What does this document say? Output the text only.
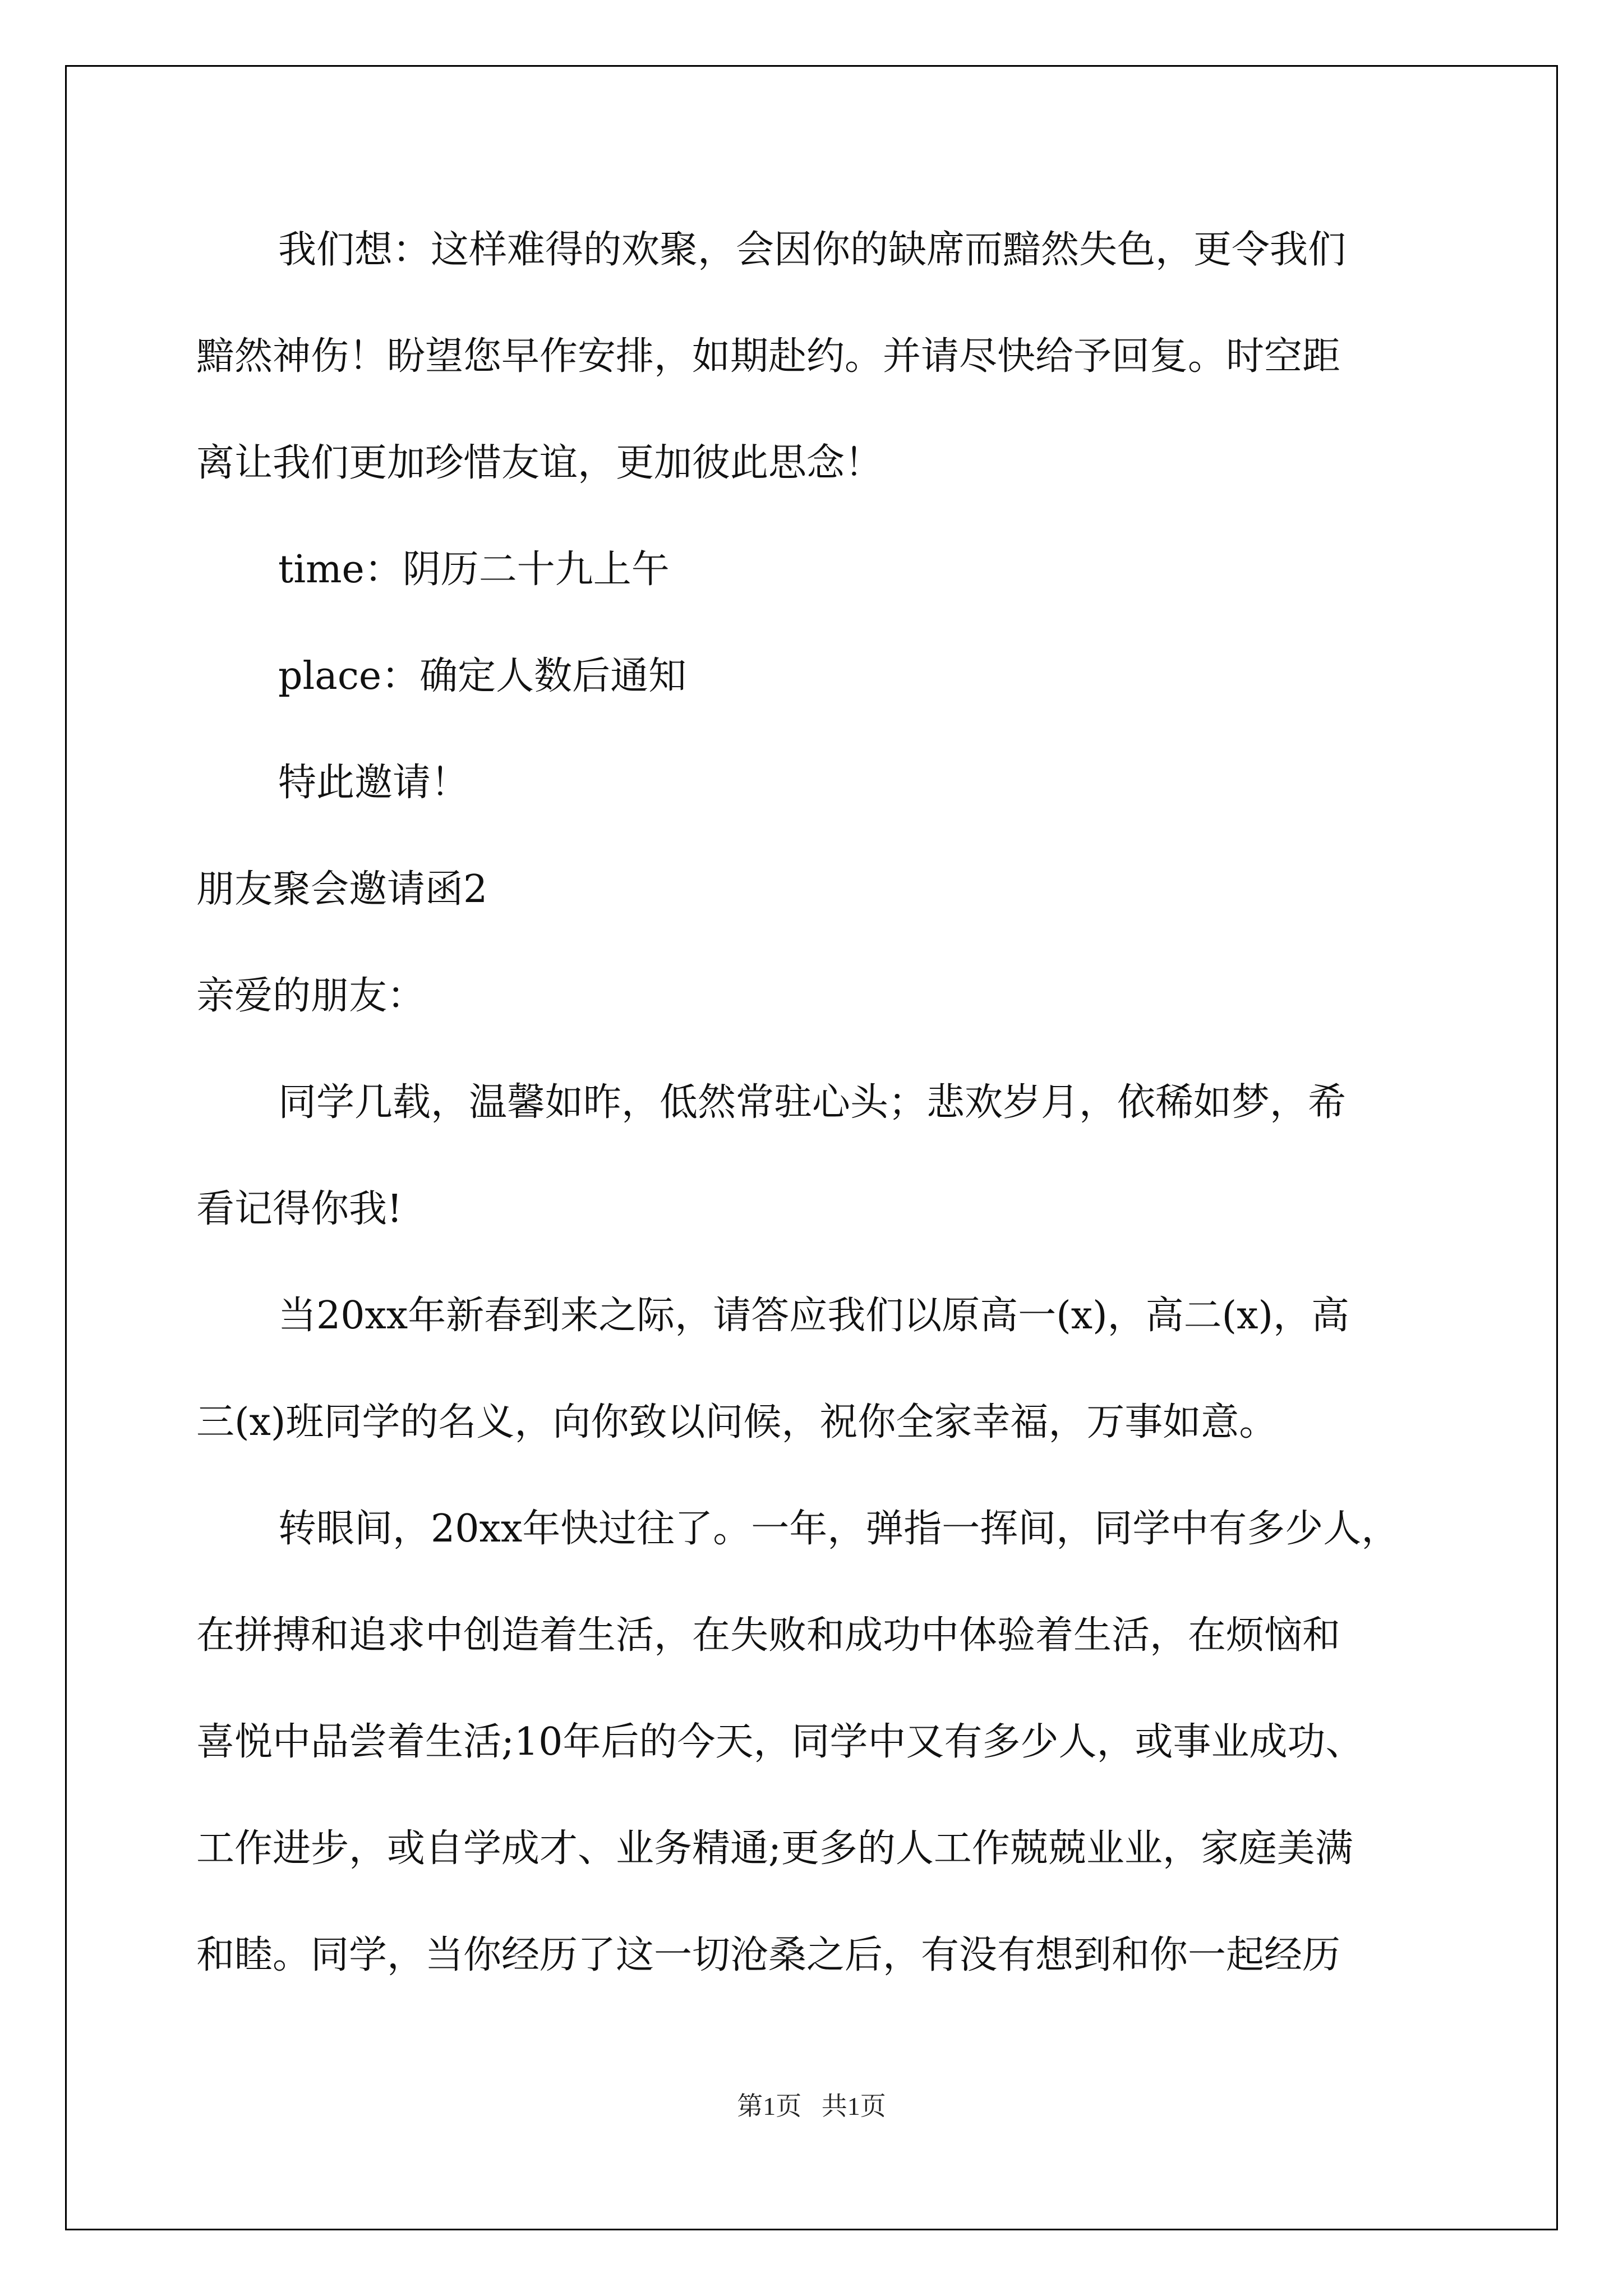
我们想：这样难得的欢聚，会因你的缺席而黯然失色，更令我们

黯然神伤！盼望您早作安排，如期赴约。并请尽快给予回复。时空距

离让我们更加珍惜友谊，更加彼此思念！

time：阴历二十九上午

place：确定人数后通知

特此邀请！

朋友聚会邀请函2

亲爱的朋友：

同学几载，温馨如昨，低然常驻心头；悲欢岁月，依稀如梦，希

看记得你我!

当20xx年新春到来之际，请答应我们以原高一(x)，高二(x)，高

三(x)班同学的名义，向你致以问候，祝你全家幸福，万事如意。

转眼间，20xx年快过往了。一年，弹指一挥间，同学中有多少人，

在拼搏和追求中创造着生活，在失败和成功中体验着生活，在烦恼和

喜悦中品尝着生活;10年后的今天，同学中又有多少人，或事业成功、

工作进步，或自学成才、业务精通;更多的人工作兢兢业业，家庭美满

和睦。同学，当你经历了这一切沧桑之后，有没有想到和你一起经历

第1页 共1页
